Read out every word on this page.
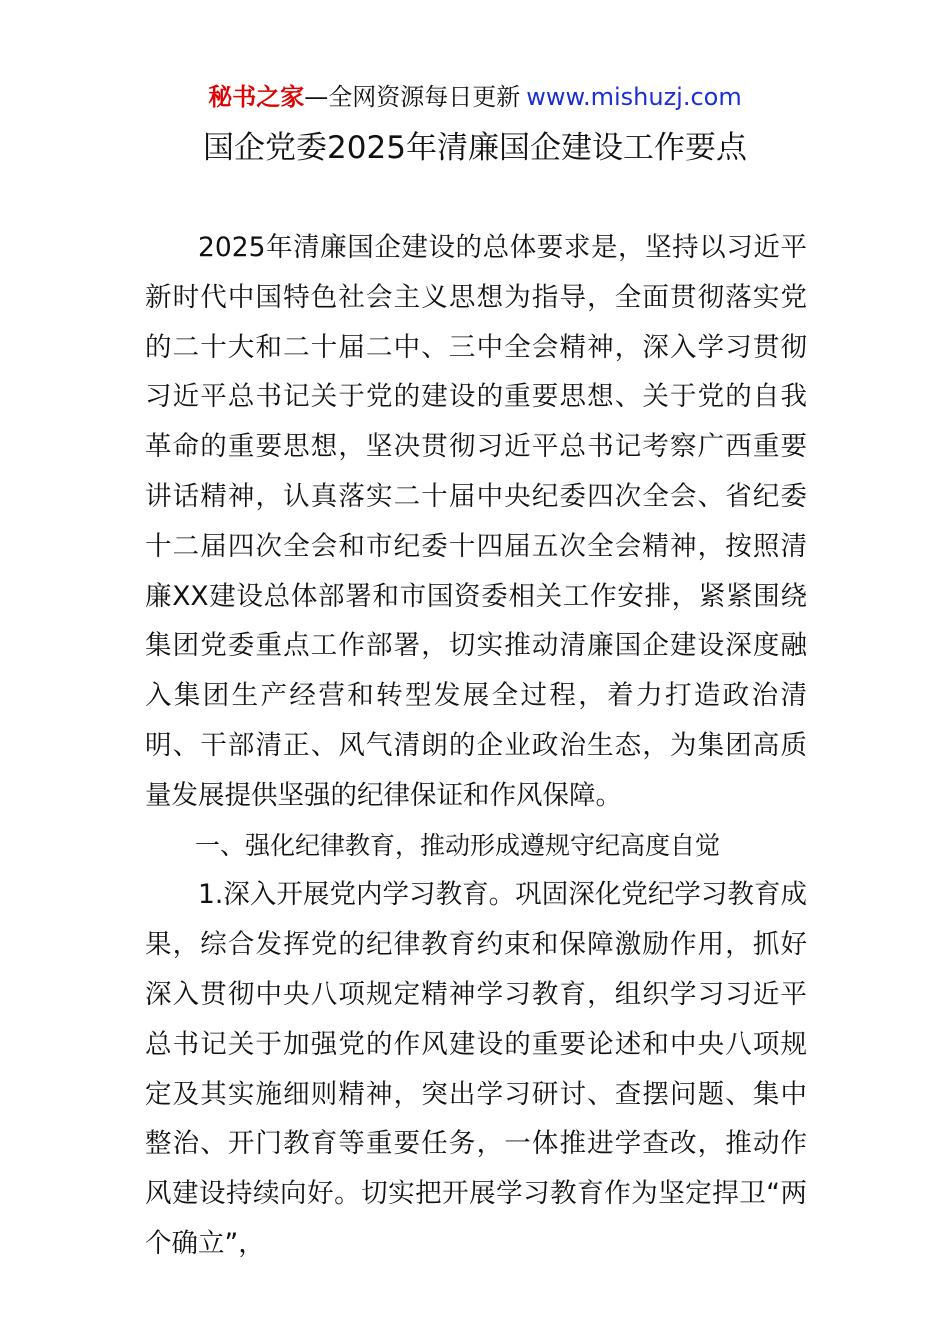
秘书之家—全网资源每日更新 www.mishuzj.com
国企党委2025年清廉国企建设工作要点

2025年清廉国企建设的总体要求是，坚持以习近平新时代中国特色社会主义思想为指导，全面贯彻落实党的二十大和二十届二中、三中全会精神，深入学习贯彻习近平总书记关于党的建设的重要思想、关于党的自我革命的重要思想，坚决贯彻习近平总书记考察广西重要讲话精神，认真落实二十届中央纪委四次全会、省纪委十二届四次全会和市纪委十四届五次全会精神，按照清廉XX建设总体部署和市国资委相关工作安排，紧紧围绕集团党委重点工作部署，切实推动清廉国企建设深度融入集团生产经营和转型发展全过程，着力打造政治清明、干部清正、风气清朗的企业政治生态，为集团高质量发展提供坚强的纪律保证和作风保障。

一、强化纪律教育，推动形成遵规守纪高度自觉

1.深入开展党内学习教育。巩固深化党纪学习教育成果，综合发挥党的纪律教育约束和保障激励作用，抓好深入贯彻中央八项规定精神学习教育，组织学习习近平总书记关于加强党的作风建设的重要论述和中央八项规定及其实施细则精神，突出学习研讨、查摆问题、集中整治、开门教育等重要任务，一体推进学查改，推动作风建设持续向好。切实把开展学习教育作为坚定捍卫“两个确立”，
